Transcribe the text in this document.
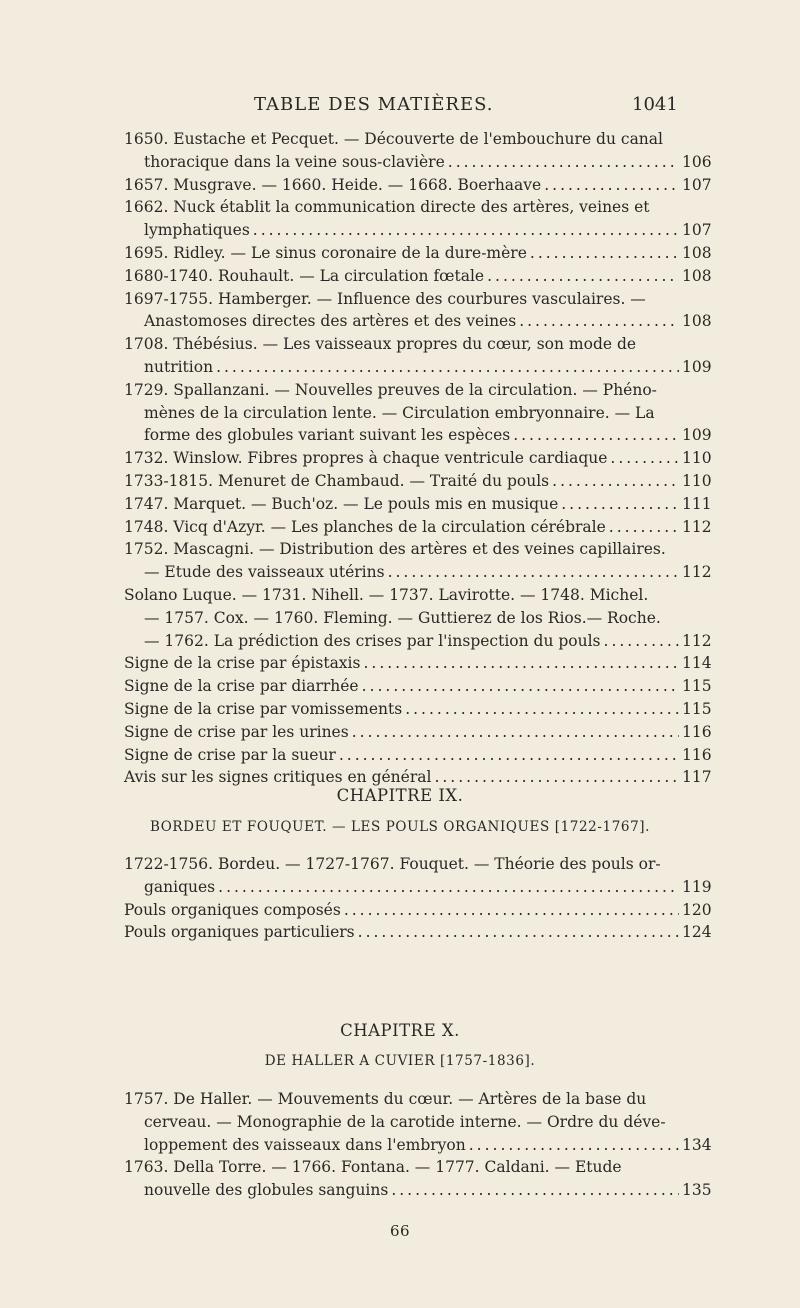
TABLE DES MATIÈRES.	1041
1650. Eustache et Pecquet. — Découverte de l'embouchure du canal
thoracique dans la veine sous-clavière .....	106
1657. Musgrave. — 1660. Heide. — 1668. Boerhaave .....	107
1662. Nuck établit la communication directe des artères, veines et
lymphatiques .....	107
1695. Ridley. — Le sinus coronaire de la dure-mère .....	108
1680-1740. Rouhault. — La circulation fœtale .....	108
1697-1755. Hamberger. — Influence des courbures vasculaires. —
Anastomoses directes des artères et des veines .....	108
1708. Thébésius. — Les vaisseaux propres du cœur, son mode de
nutrition .....	109
1729. Spallanzani. — Nouvelles preuves de la circulation. — Phéno-
mènes de la circulation lente. — Circulation embryonnaire. — La
forme des globules variant suivant les espèces .....	109
1732. Winslow. Fibres propres à chaque ventricule cardiaque .....	110
1733-1815. Menuret de Chambaud. — Traité du pouls .....	110
1747. Marquet. — Buch'oz. — Le pouls mis en musique .....	111
1748. Vicq d'Azyr. — Les planches de la circulation cérébrale .....	112
1752. Mascagni. — Distribution des artères et des veines capillaires.
— Etude des vaisseaux utérins .....	112
Solano Luque. — 1731. Nihell. — 1737. Lavirotte. — 1748. Michel.
— 1757. Cox. — 1760. Fleming. — Guttierez de los Rios.— Roche.
— 1762. La prédiction des crises par l'inspection du pouls .....	112
Signe de la crise par épistaxis .....	114
Signe de la crise par diarrhée .....	115
Signe de la crise par vomissements .....	115
Signe de crise par les urines .....	116
Signe de crise par la sueur .....	116
Avis sur les signes critiques en général .....	117
CHAPITRE IX.
BORDEU ET FOUQUET. — LES POULS ORGANIQUES [1722-1767].
1722-1756. Bordeu. — 1727-1767. Fouquet. — Théorie des pouls or-
ganiques .....	119
Pouls organiques composés .....	120
Pouls organiques particuliers .....	124
CHAPITRE X.
DE HALLER A CUVIER [1757-1836].
1757. De Haller. — Mouvements du cœur. — Artères de la base du
cerveau. — Monographie de la carotide interne. — Ordre du déve-
loppement des vaisseaux dans l'embryon .....	134
1763. Della Torre. — 1766. Fontana. — 1777. Caldani. — Etude
nouvelle des globules sanguins .....	135
66
